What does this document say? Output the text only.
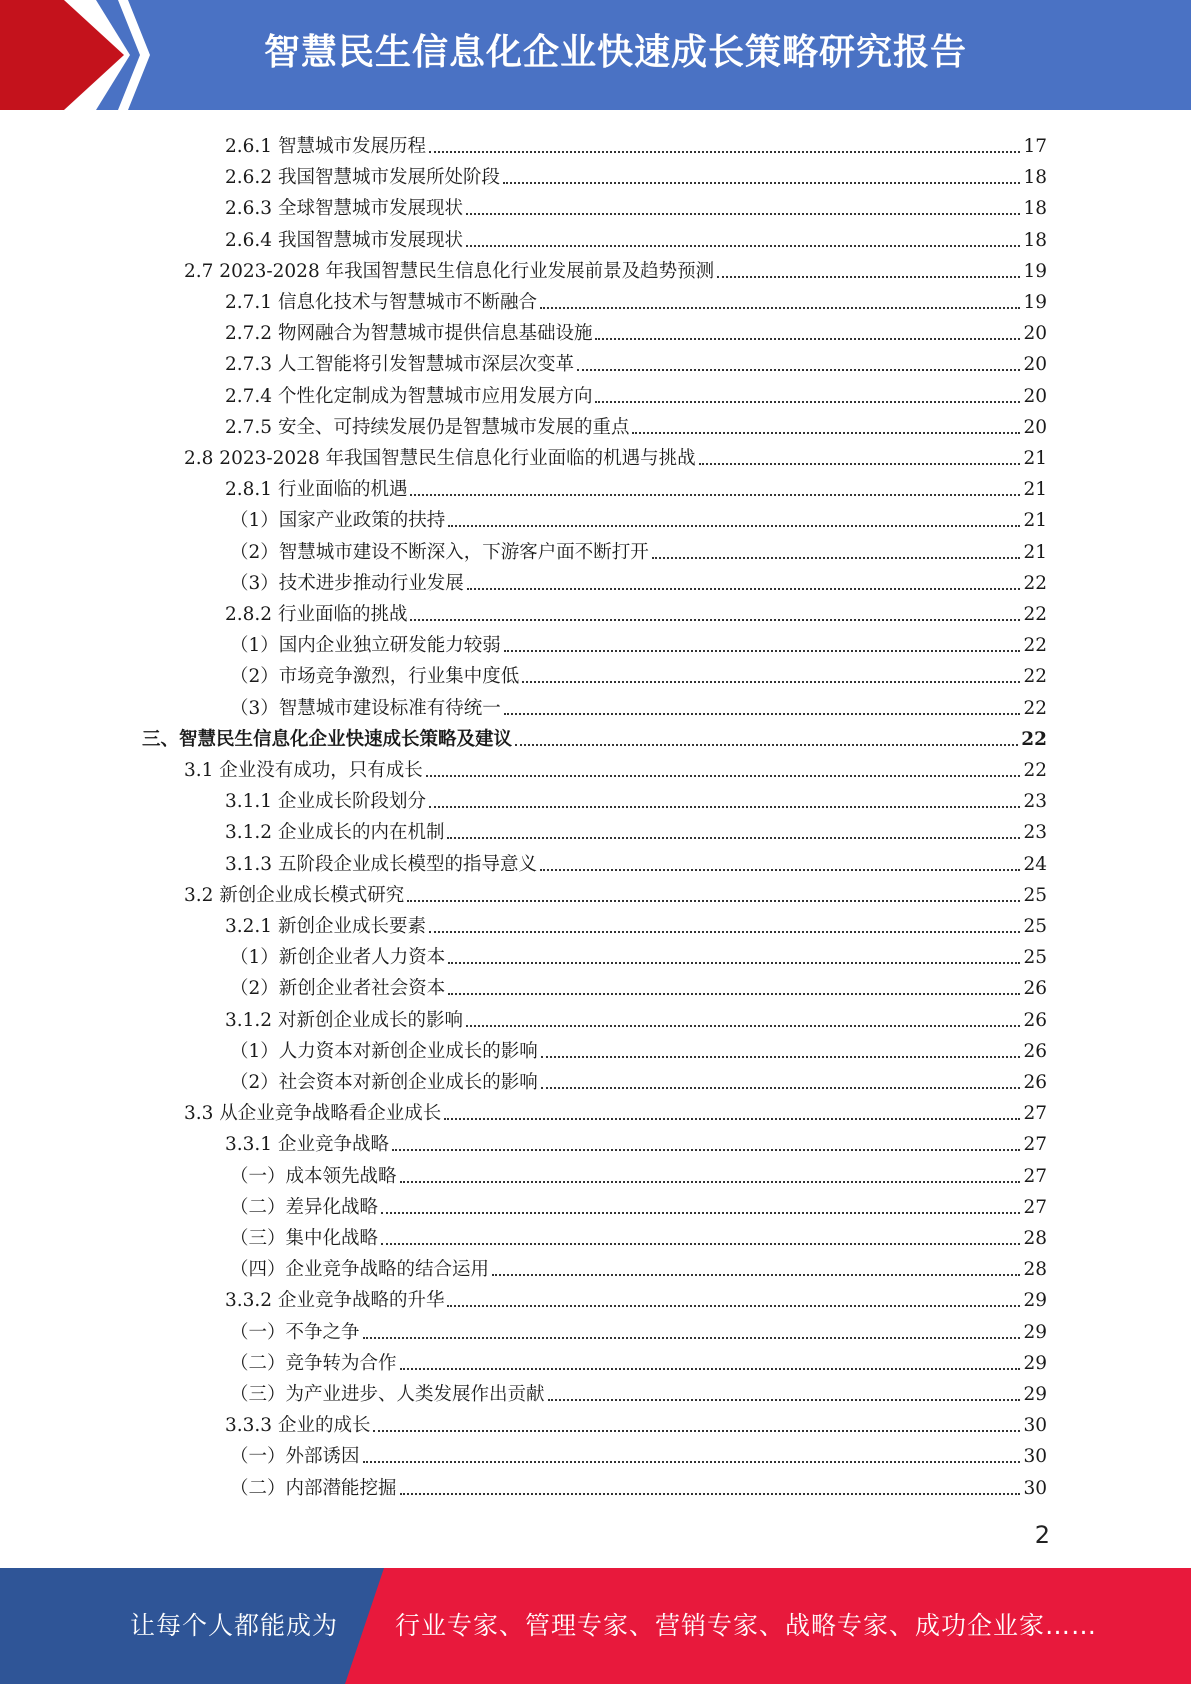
智慧民生信息化企业快速成长策略研究报告
2.6.1 智慧城市发展历程	17
2.6.2 我国智慧城市发展所处阶段	18
2.6.3 全球智慧城市发展现状	18
2.6.4 我国智慧城市发展现状	18
2.7 2023-2028 年我国智慧民生信息化行业发展前景及趋势预测	19
2.7.1 信息化技术与智慧城市不断融合	19
2.7.2 物网融合为智慧城市提供信息基础设施	20
2.7.3 人工智能将引发智慧城市深层次变革	20
2.7.4 个性化定制成为智慧城市应用发展方向	20
2.7.5 安全、可持续发展仍是智慧城市发展的重点	20
2.8 2023-2028 年我国智慧民生信息化行业面临的机遇与挑战	21
2.8.1 行业面临的机遇	21
（1）国家产业政策的扶持	21
（2）智慧城市建设不断深入，下游客户面不断打开	21
（3）技术进步推动行业发展	22
2.8.2 行业面临的挑战	22
（1）国内企业独立研发能力较弱	22
（2）市场竞争激烈，行业集中度低	22
（3）智慧城市建设标准有待统一	22
三、智慧民生信息化企业快速成长策略及建议	22
3.1 企业没有成功，只有成长	22
3.1.1 企业成长阶段划分	23
3.1.2 企业成长的内在机制	23
3.1.3 五阶段企业成长模型的指导意义	24
3.2 新创企业成长模式研究	25
3.2.1 新创企业成长要素	25
（1）新创企业者人力资本	25
（2）新创企业者社会资本	26
3.1.2 对新创企业成长的影响	26
（1）人力资本对新创企业成长的影响	26
（2）社会资本对新创企业成长的影响	26
3.3 从企业竞争战略看企业成长	27
3.3.1 企业竞争战略	27
（一）成本领先战略	27
（二）差异化战略	27
（三）集中化战略	28
（四）企业竞争战略的结合运用	28
3.3.2 企业竞争战略的升华	29
（一）不争之争	29
（二）竞争转为合作	29
（三）为产业进步、人类发展作出贡献	29
3.3.3 企业的成长	30
（一）外部诱因	30
（二）内部潜能挖掘	30
2
让每个人都能成为 行业专家、管理专家、营销专家、战略专家、成功企业家……
